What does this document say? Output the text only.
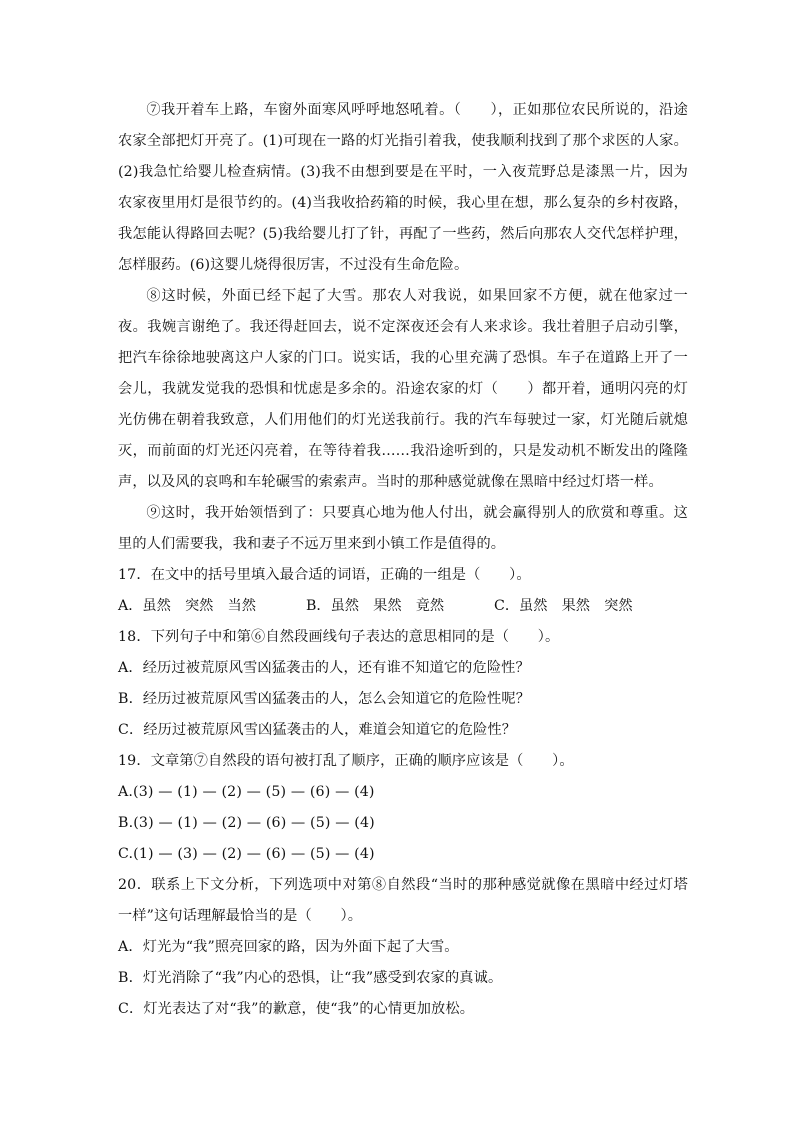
⑦我开着车上路，车窗外面寒风呼呼地怒吼着。（　　），正如那位农民所说的，沿途农家全部把灯开亮了。(1)可现在一路的灯光指引着我，使我顺利找到了那个求医的人家。(2)我急忙给婴儿检查病情。(3)我不由想到要是在平时，一入夜荒野总是漆黑一片，因为农家夜里用灯是很节约的。(4)当我收拾药箱的时候，我心里在想，那么复杂的乡村夜路，我怎能认得路回去呢？(5)我给婴儿打了针，再配了一些药，然后向那农人交代怎样护理，怎样服药。(6)这婴儿烧得很厉害，不过没有生命危险。

⑧这时候，外面已经下起了大雪。那农人对我说，如果回家不方便，就在他家过一夜。我婉言谢绝了。我还得赶回去，说不定深夜还会有人来求诊。我壮着胆子启动引擎，把汽车徐徐地驶离这户人家的门口。说实话，我的心里充满了恐惧。车子在道路上开了一会儿，我就发觉我的恐惧和忧虑是多余的。沿途农家的灯（　　）都开着，通明闪亮的灯光仿佛在朝着我致意，人们用他们的灯光送我前行。我的汽车每驶过一家，灯光随后就熄灭，而前面的灯光还闪亮着，在等待着我……我沿途听到的，只是发动机不断发出的隆隆声，以及风的哀鸣和车轮碾雪的索索声。当时的那种感觉就像在黑暗中经过灯塔一样。

⑨这时，我开始领悟到了：只要真心地为他人付出，就会赢得别人的欣赏和尊重。这里的人们需要我，我和妻子不远万里来到小镇工作是值得的。

17．在文中的括号里填入最合适的词语，正确的一组是（　　）。

A．虽然　突然　当然	B．虽然　果然　竟然	C．虽然　果然　突然

18．下列句子中和第⑥自然段画线句子表达的意思相同的是（　　）。

A．经历过被荒原风雪凶猛袭击的人，还有谁不知道它的危险性？

B．经历过被荒原风雪凶猛袭击的人，怎么会知道它的危险性呢？

C．经历过被荒原风雪凶猛袭击的人，难道会知道它的危险性？

19．文章第⑦自然段的语句被打乱了顺序，正确的顺序应该是（　　）。

A.(3) — (1) — (2) — (5) — (6) — (4)

B.(3) — (1) — (2) — (6) — (5) — (4)

C.(1) — (3) — (2) — (6) — (5) — (4)

20．联系上下文分析，下列选项中对第⑧自然段“当时的那种感觉就像在黑暗中经过灯塔一样”这句话理解最恰当的是（　　）。

A．灯光为“我”照亮回家的路，因为外面下起了大雪。

B．灯光消除了“我”内心的恐惧，让“我”感受到农家的真诚。

C．灯光表达了对“我”的歉意，使“我”的心情更加放松。
